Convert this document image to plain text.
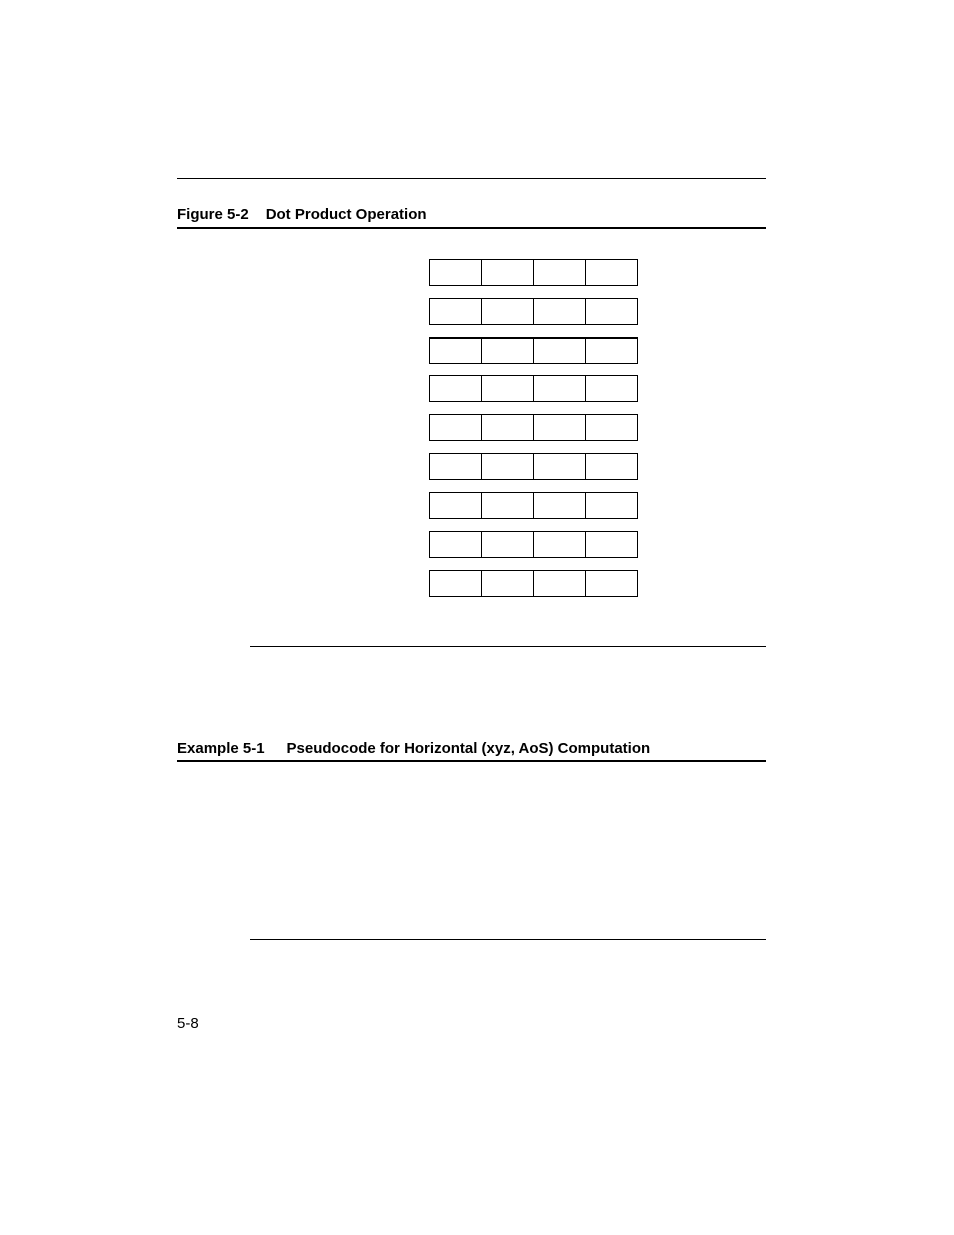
Figure 5-2 Dot Product Operation
Example 5-1 Pseudocode for Horizontal (xyz, AoS) Computation
5-8
